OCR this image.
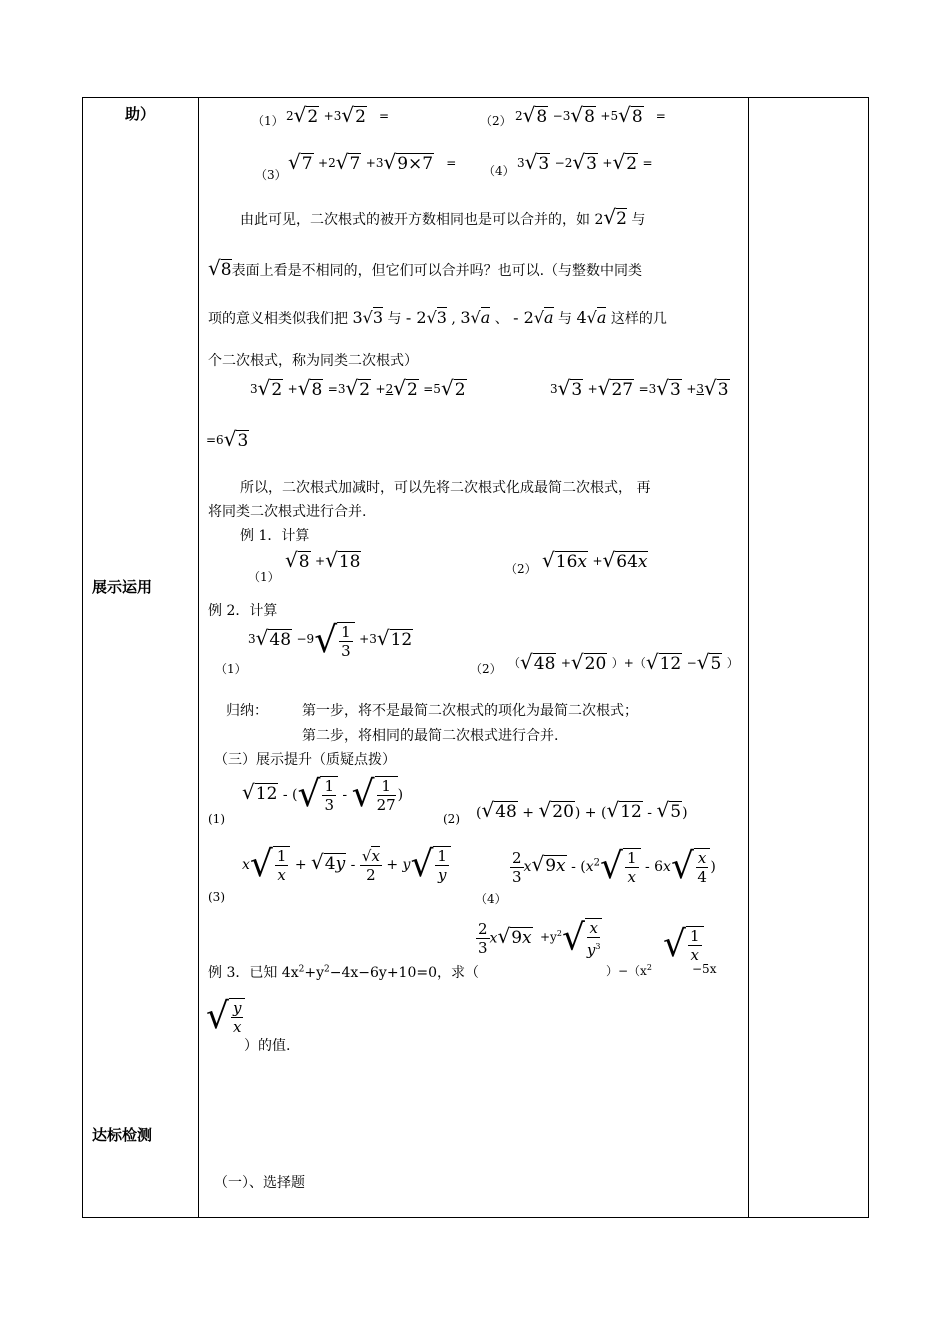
助）
展示运用
达标检测
（1） 2√2 +3√2   =	（2） 2√8 −3√8 +5√8   =
（3）
√7 +2√7 +3√9×7   =
（4）
3√3 −2√3 +√2 =
由此可见，二次根式的被开方数相同也是可以合并的，如 2√2 与
√8表面上看是不相同的，但它们可以合并吗？也可以.（与整数中同类
项的意义相类似我们把 3√3 与 - 2√3 , 3√a 、 - 2√a 与 4√a 这样的几
个二次根式，称为同类二次根式）
3√2 +√8 =3√2 +2√2 =5√2	3√3 +√27 =3√3 +3√3
=6√3
所以，二次根式加减时，可以先将二次根式化成最简二次根式， 再
将同类二次根式进行合并.
例 1．计算
（1）
√8 +√18	（2） √16x +√64x
例 2．计算
（1）
$3√48 -9√ \frac{1}{3} +3√12$
（2） （√48 +√20 ）+（√12 −√5 ）
归纳： 第一步，将不是最简二次根式的项化为最简二次根式；
第二步，将相同的最简二次根式进行合并.
（三）展示提升（质疑点拨）
(1)
√12 - (√ $\frac{1}{3}$ - √ $\frac{1}{27}$ )
(2) (√48 + √20) + (√12 - √5)
(3)
$x√ \frac{1}{x} + √4y - \frac{√x}{2} + y√ \frac{1}{y}$
（4）
$\frac{2}{3} x√9x - (x^2√ \frac{1}{x} - 6x√ \frac{x}{4}$ )
例 3．已知 $4x^2+y^2-4x-6y+10=0$，求（
$\frac{2}{3} x√9x +y^2√ \frac{x}{y^3}$
）$-(x^2$
√ $\frac{1}{x}$
−5x
√ $\frac{y}{x}$
）的值.
（一）、选择题
